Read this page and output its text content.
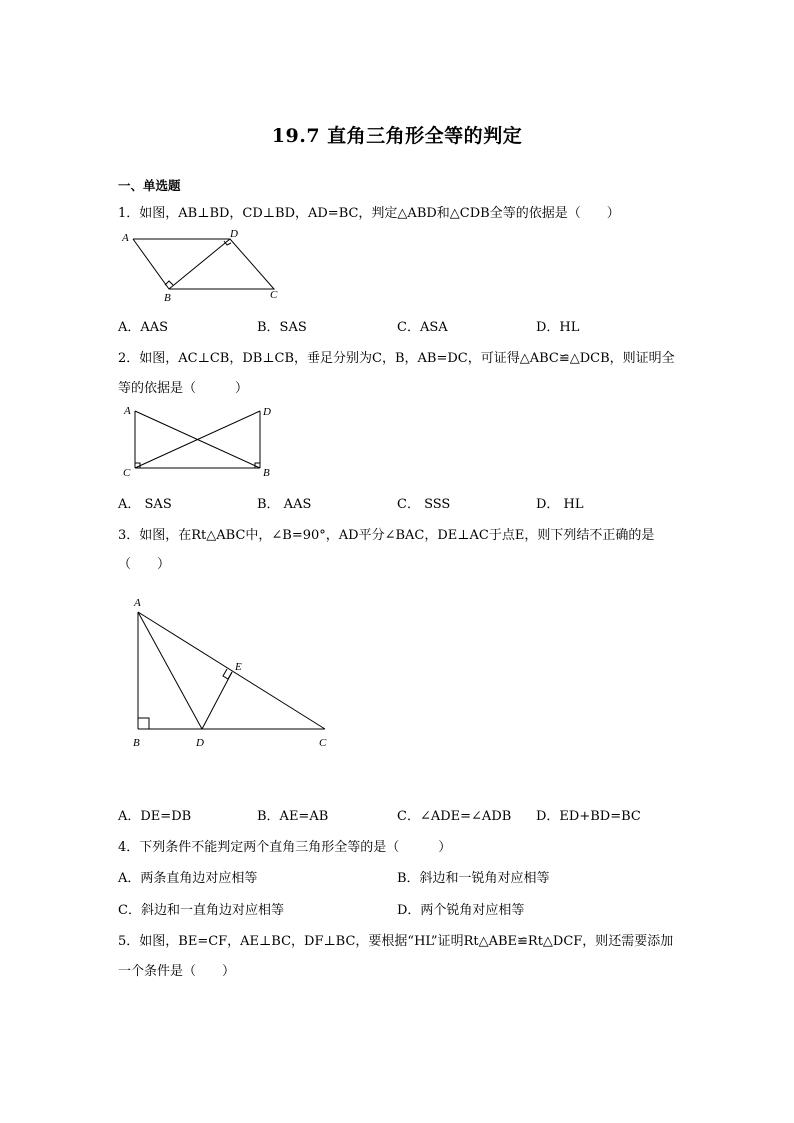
19.7 直角三角形全等的判定
一、单选题
1．如图，AB⊥BD，CD⊥BD，AD=BC，判定△ABD和△CDB全等的依据是（　　）
A	D
B	C
A．AAS	B．SAS	C．ASA	D．HL
2．如图，AC⊥CB，DB⊥CB，垂足分别为C，B，AB=DC，可证得△ABC≌△DCB，则证明全
等的依据是（　　　）
A	D
C	B
A． SAS	B． AAS	C． SSS	D． HL
3．如图，在Rt△ABC中，∠B=90°，AD平分∠BAC，DE⊥AC于点E，则下列结不正确的是
（　　）
A
E
B	D	C
A．DE=DB	B．AE=AB	C．∠ADE=∠ADB D．ED+BD=BC
4．下列条件不能判定两个直角三角形全等的是（　　　）
A．两条直角边对应相等	B．斜边和一锐角对应相等
C．斜边和一直角边对应相等	D．两个锐角对应相等
5．如图，BE=CF，AE⊥BC，DF⊥BC，要根据“HL”证明Rt△ABE≌Rt△DCF，则还需要添加
一个条件是（　　）
